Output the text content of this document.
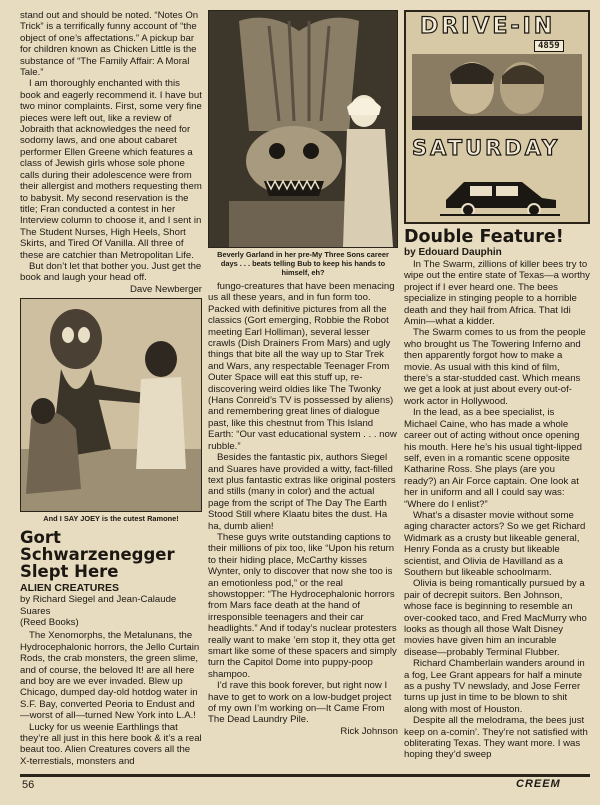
stand out and should be noted. “Notes On Trick” is a terrifically funny account of “the object of one’s affectations.” A pickup bar for children known as Chicken Little is the substance of “The Family Affair: A Moral Tale.”

I am thoroughly enchanted with this book and eagerly recommend it. I have but two minor complaints. First, some very fine pieces were left out, like a review of Jobraith that acknowledges the need for sodomy laws, and one about cabaret performer Ellen Greene which features a class of Jewish girls whose sole phone calls during their adolescence were from their allergist and mothers requesting them to babysit. My second reservation is the title; Fran conducted a contest in her Interview column to choose it, and I sent in The Student Nurses, High Heels, Short Skirts, and Tired Of Vanilla. All three of these are catchier than Metropolitan Life.

But don’t let that bother you. Just get the book and laugh your head off.

Dave Newberger
And I SAY JOEY is the cutest Ramone!
Gort Schwarzenegger Slept Here
ALIEN CREATURES
by Richard Siegel and Jean-Calaude Suares
(Reed Books)

The Xenomorphs, the Metalunans, the Hydrocephalonic horrors, the Jello Curtain Rods, the crab monsters, the green slime, and of course, the beloved It! are all here and boy are we ever invaded. Blew up Chicago, dumped day-old hotdog water in S.F. Bay, converted Peoria to Endust and—worst of all—turned New York into L.A.!

Lucky for us weenie Earthlings that they’re all just in this here book & it’s a real beaut too. Alien Creatures covers all the X-terrestials, monsters and

Beverly Garland in her pre-My Three Sons career days . . . beats telling Bub to keep his hands to himself, eh?

fungo-creatures that have been menacing us all these years, and in fun form too. Packed with definitive pictures from all the classics (Gort emerging, Robbie the Robot meeting Earl Holliman), several lesser crawls (Dish Drainers From Mars) and ugly things that bite all the way up to Star Trek and Wars, any respectable Teenager From Outer Space will eat this stuff up, re-discovering weird oldies like The Twonky (Hans Conreid’s TV is possessed by aliens) and remembering great lines of dialogue past, like this chestnut from This Island Earth: “Our vast educational system . . . now rubble.”

Besides the fantastic pix, authors Siegel and Suares have provided a witty, fact-filled text plus fantastic extras like original posters and stills (many in color) and the actual page from the script of The Day The Earth Stood Still where Klaatu bites the dust. Ha ha, dumb alien!

These guys write outstanding captions to their millions of pix too, like “Upon his return to their hiding place, McCarthy kisses Wynter, only to discover that now she too is an emotionless pod,” or the real showstopper: “The Hydrocephalonic horrors from Mars face death at the hand of irresponsible teenagers and their car headlights.” And if today’s nuclear protesters really want to make ’em stop it, they otta get smart like some of these spacers and simply turn the Capitol Dome into puppy-poop shampoo.

I’d rave this book forever, but right now I have to get to work on a low-budget project of my own I’m working on—It Came From The Dead Laundry Pile.

Rick Johnson
DRIVE-IN
4859
SATURDAY
Double Feature!
by Edouard Dauphin

In The Swarm, zillions of killer bees try to wipe out the entire state of Texas—a worthy project if I ever heard one. The bees specialize in stinging people to a horrible death and they hail from Africa. That Idi Amin—what a kidder.

The Swarm comes to us from the people who brought us The Towering Inferno and then apparently forgot how to make a movie. As usual with this kind of film, there’s a star-studded cast. Which means we get a look at just about every out-of-work actor in Hollywood.

In the lead, as a bee specialist, is Michael Caine, who has made a whole career out of acting without once opening his mouth. Here he’s his usual tight-lipped self, even in a romantic scene opposite Katharine Ross. She plays (are you ready?) an Air Force captain. One look at her in uniform and all I could say was: “Where do I enlist?”

What’s a disaster movie without some aging character actors? So we get Richard Widmark as a crusty but likeable general, Henry Fonda as a crusty but likeable scientist, and Olivia de Havilland as a Southern but likeable schoolmarm.

Olivia is being romantically pursued by a pair of decrepit suitors. Ben Johnson, whose face is beginning to resemble an over-cooked taco, and Fred MacMurry who looks as though all those Walt Disney movies have given him an incurable disease—probably Terminal Flubber.

Richard Chamberlain wanders around in a fog, Lee Grant appears for half a minute as a pushy TV newslady, and Jose Ferrer turns up just in time to be blown to shit along with most of Houston.

Despite all the melodrama, the bees just keep on a-comin’. They’re not satisfied with obliterating Texas. They want more. I was hoping they’d sweep

56	CREEM
